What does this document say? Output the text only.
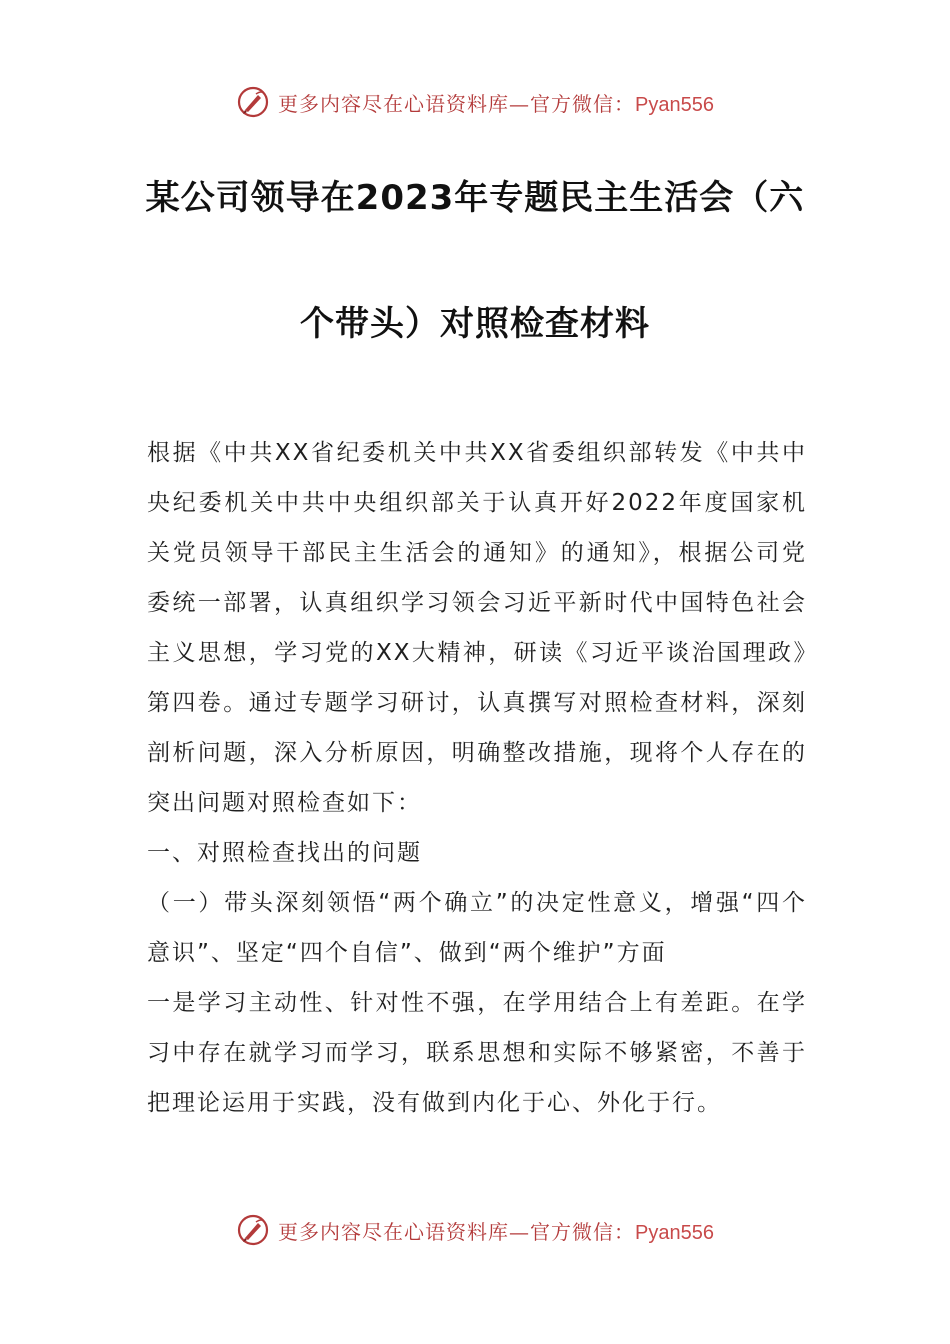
更多内容尽在心语资料库—官方微信：Pyan556
某公司领导在2023年专题民主生活会（六
个带头）对照检查材料

根据《中共XX省纪委机关中共XX省委组织部转发《中共中央纪委机关中共中央组织部关于认真开好2022年度国家机关党员领导干部民主生活会的通知》的通知》，根据公司党委统一部署，认真组织学习领会习近平新时代中国特色社会主义思想，学习党的XX大精神，研读《习近平谈治国理政》第四卷。通过专题学习研讨，认真撰写对照检查材料，深刻剖析问题，深入分析原因，明确整改措施，现将个人存在的突出问题对照检查如下：

一、对照检查找出的问题

（一）带头深刻领悟“两个确立”的决定性意义，增强“四个意识”、坚定“四个自信”、做到“两个维护”方面

一是学习主动性、针对性不强，在学用结合上有差距。在学习中存在就学习而学习，联系思想和实际不够紧密，不善于把理论运用于实践，没有做到内化于心、外化于行。

更多内容尽在心语资料库—官方微信：Pyan556
